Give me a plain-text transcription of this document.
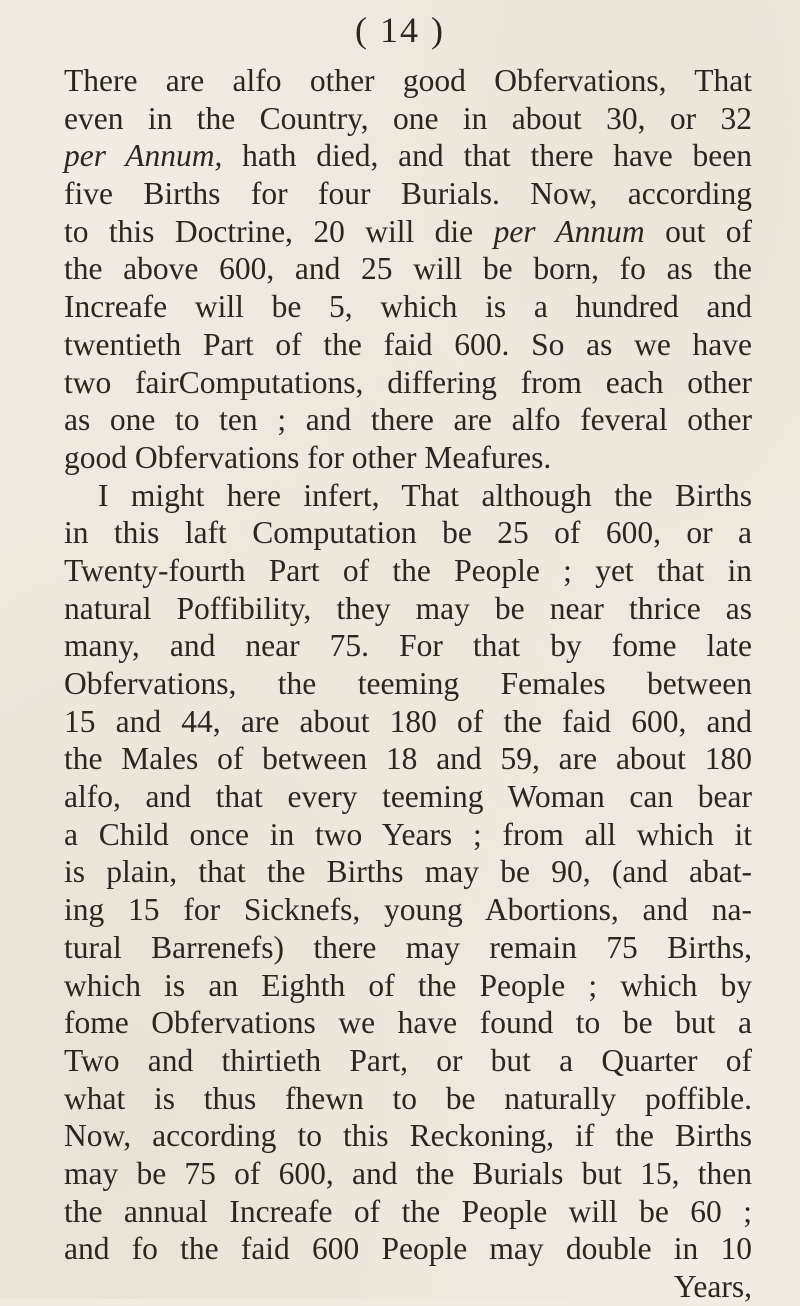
( 14 )
There are alfo other good Obfervations, That
even in the Country, one in about 30, or 32
per Annum, hath died, and that there have been
five Births for four Burials. Now, according
to this Doctrine, 20 will die per Annum out of
the above 600, and 25 will be born, fo as the
Increafe will be 5, which is a hundred and
twentieth Part of the faid 600. So as we have
two fairComputations, differing from each other
as one to ten ; and there are alfo feveral other
good Obfervations for other Meafures.
I might here infert, That although the Births
in this laft Computation be 25 of 600, or a
Twenty-fourth Part of the People ; yet that in
natural Poffibility, they may be near thrice as
many, and near 75. For that by fome late
Obfervations, the teeming Females between
15 and 44, are about 180 of the faid 600, and
the Males of between 18 and 59, are about 180
alfo, and that every teeming Woman can bear
a Child once in two Years ; from all which it
is plain, that the Births may be 90, (and abat-
ing 15 for Sicknefs, young Abortions, and na-
tural Barrenefs) there may remain 75 Births,
which is an Eighth of the People ; which by
fome Obfervations we have found to be but a
Two and thirtieth Part, or but a Quarter of
what is thus fhewn to be naturally poffible.
Now, according to this Reckoning, if the Births
may be 75 of 600, and the Burials but 15, then
the annual Increafe of the People will be 60 ;
and fo the faid 600 People may double in 10
Years,
